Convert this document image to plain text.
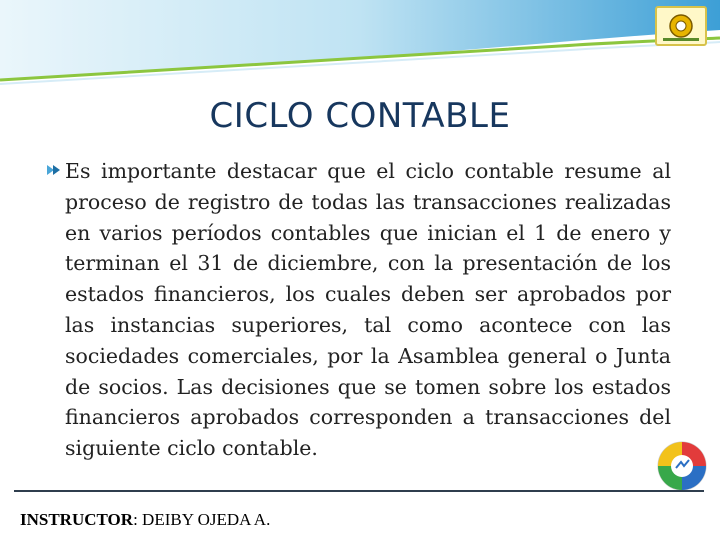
CICLO CONTABLE

Es importante destacar que el ciclo contable resume al proceso de registro de todas las transacciones realizadas en varios períodos contables que inician el 1 de enero y terminan el 31 de diciembre, con la presentación de los estados financieros, los cuales deben ser aprobados por las instancias superiores, tal como acontece con las sociedades comerciales, por la Asamblea general o Junta de socios. Las decisiones que se tomen sobre los estados financieros aprobados corresponden a transacciones del siguiente ciclo contable.

INSTRUCTOR: DEIBY OJEDA A.
